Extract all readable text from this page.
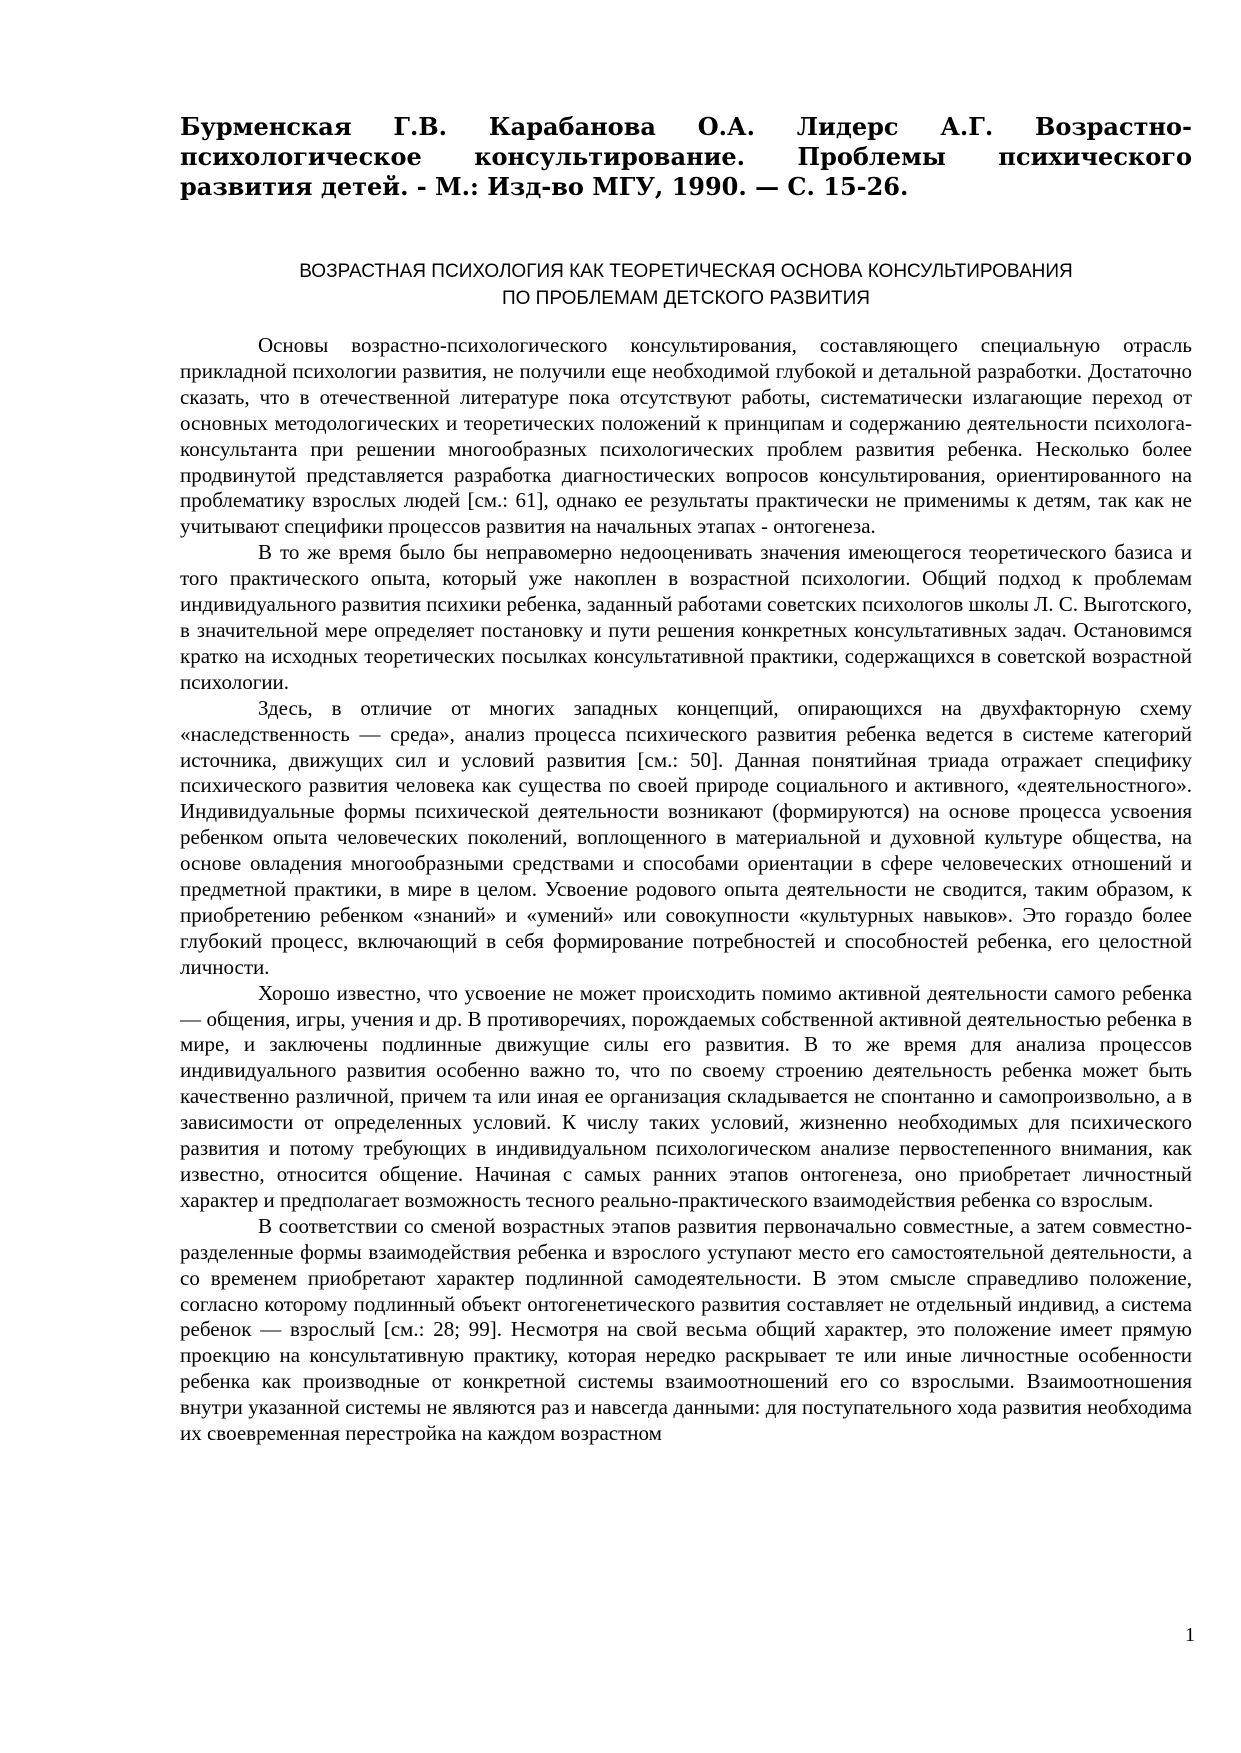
Бурменская Г.В. Карабанова О.А. Лидерс А.Г. Возрастно-психологическое консультирование. Проблемы психического развития детей. - М.: Изд-во МГУ, 1990. — С. 15-26.

ВОЗРАСТНАЯ ПСИХОЛОГИЯ КАК ТЕОРЕТИЧЕСКАЯ ОСНОВА КОНСУЛЬТИРОВАНИЯ
ПО ПРОБЛЕМАМ ДЕТСКОГО РАЗВИТИЯ

Основы возрастно-психологического консультирования, составляющего специальную отрасль прикладной психологии развития, не получили еще необходимой глубокой и детальной разработки. Достаточно сказать, что в отечественной литературе пока отсутствуют работы, систематически излагающие переход от основных методологических и теоретических положений к принципам и содержанию деятельности психолога-консультанта при решении многообразных психологических проблем развития ребенка. Несколько более продвинутой представляется разработка диагностических вопросов консультирования, ориентированного на проблематику взрослых людей [см.: 61], однако ее результаты практически не применимы к детям, так как не учитывают специфики процессов развития на начальных этапах - онтогенеза.

В то же время было бы неправомерно недооценивать значения имеющегося теоретического базиса и того практического опыта, который уже накоплен в возрастной психологии. Общий подход к проблемам индивидуального развития психики ребенка, заданный работами советских психологов школы Л. С. Выготского, в значительной мере определяет постановку и пути решения конкретных консультативных задач. Остановимся кратко на исходных теоретических посылках консультативной практики, содержащихся в советской возрастной психологии.

Здесь, в отличие от многих западных концепций, опирающихся на двухфакторную схему «наследственность — среда», анализ процесса психического развития ребенка ведется в системе категорий источника, движущих сил и условий развития [см.: 50]. Данная понятийная триада отражает специфику психического развития человека как существа по своей природе социального и активного, «деятельностного». Индивидуальные формы психической деятельности возникают (формируются) на основе процесса усвоения ребенком опыта человеческих поколений, воплощенного в материальной и духовной культуре общества, на основе овладения многообразными средствами и способами ориентации в сфере человеческих отношений и предметной практики, в мире в целом. Усвоение родового опыта деятельности не сводится, таким образом, к приобретению ребенком «знаний» и «умений» или совокупности «культурных навыков». Это гораздо более глубокий процесс, включающий в себя формирование потребностей и способностей ребенка, его целостной личности.

Хорошо известно, что усвоение не может происходить помимо активной деятельности самого ребенка — общения, игры, учения и др. В противоречиях, порождаемых собственной активной деятельностью ребенка в мире, и заключены подлинные движущие силы его развития. В то же время для анализа процессов индивидуального развития особенно важно то, что по своему строению деятельность ребенка может быть качественно различной, причем та или иная ее организация складывается не спонтанно и самопроизвольно, а в зависимости от определенных условий. К числу таких условий, жизненно необходимых для психического развития и потому требующих в индивидуальном психологическом анализе первостепенного внимания, как известно, относится общение. Начиная с самых ранних этапов онтогенеза, оно приобретает личностный характер и предполагает возможность тесного реально-практического взаимодействия ребенка со взрослым.

В соответствии со сменой возрастных этапов развития первоначально совместные, а затем совместно-разделенные формы взаимодействия ребенка и взрослого уступают место его самостоятельной деятельности, а со временем приобретают характер подлинной самодеятельности. В этом смысле справедливо положение, согласно которому подлинный объект онтогенетического развития составляет не отдельный индивид, а система ребенок — взрослый [см.: 28; 99]. Несмотря на свой весьма общий характер, это положение имеет прямую проекцию на консультативную практику, которая нередко раскрывает те или иные личностные особенности ребенка как производные от конкретной системы взаимоотношений его со взрослыми. Взаимоотношения внутри указанной системы не являются раз и навсегда данными: для поступательного хода развития необходима их своевременная перестройка на каждом возрастном

1
